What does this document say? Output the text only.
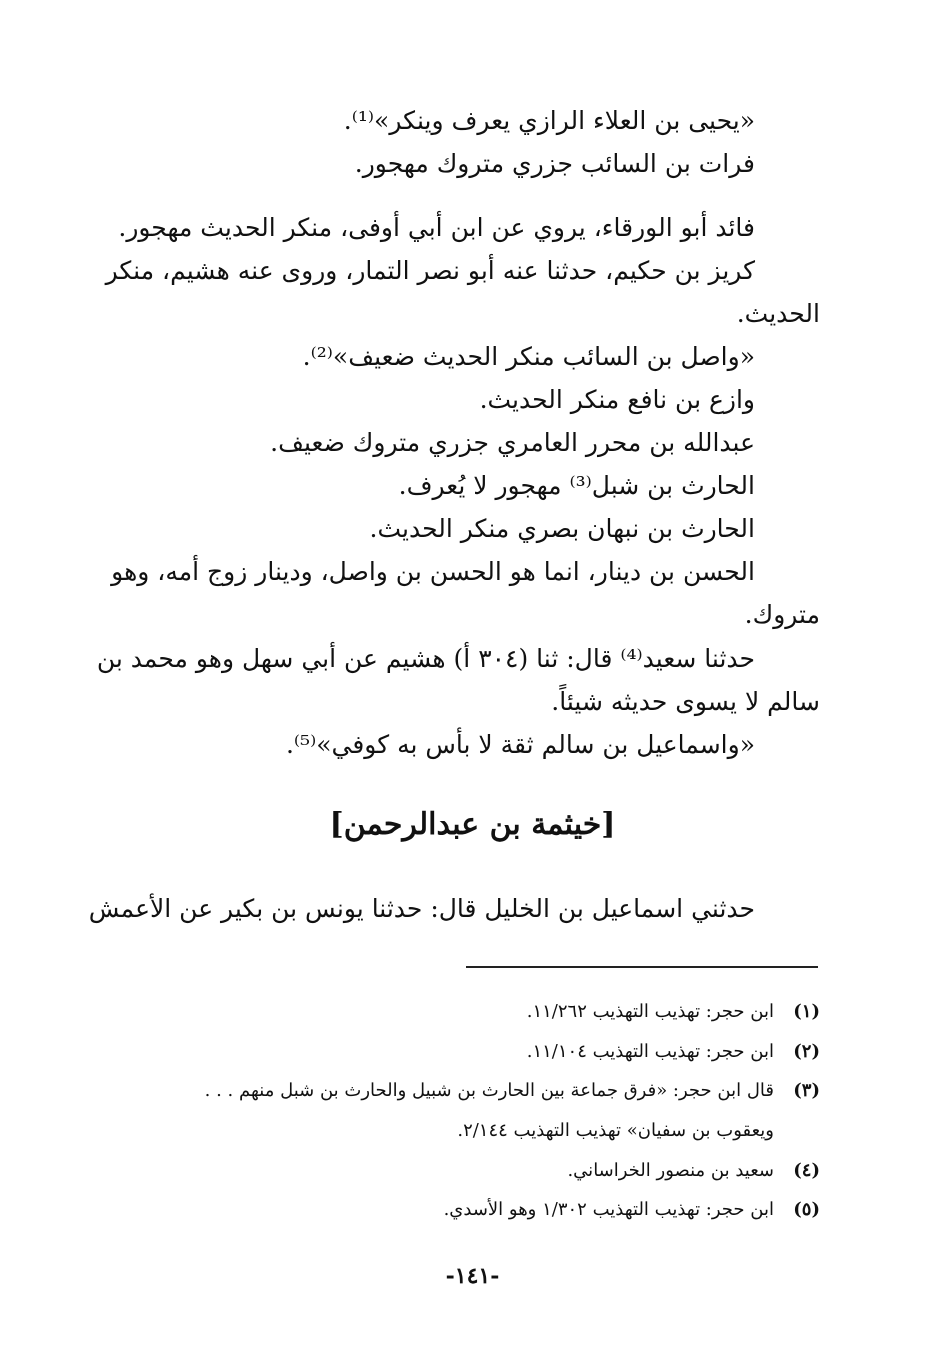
«يحيى بن العلاء الرازي يعرف وينكر»⁽¹⁾.
فرات بن السائب جزري متروك مهجور.
فائد أبو الورقاء، يروي عن ابن أبي أوفى، منكر الحديث مهجور.
كريز بن حكيم، حدثنا عنه أبو نصر التمار، وروى عنه هشيم، منكر
الحديث.
«واصل بن السائب منكر الحديث ضعيف»⁽²⁾.
وازع بن نافع منكر الحديث.
عبدالله بن محرر العامري جزري متروك ضعيف.
الحارث بن شبل⁽³⁾ مهجور لا يُعرف.
الحارث بن نبهان بصري منكر الحديث.
الحسن بن دينار، انما هو الحسن بن واصل، ودينار زوج أمه، وهو
متروك.
حدثنا سعيد⁽⁴⁾ قال: ثنا (٣٠٤ أ) هشيم عن أبي سهل وهو محمد بن
سالم لا يسوى حديثه شيئاً.
«واسماعيل بن سالم ثقة لا بأس به كوفي»⁽⁵⁾.
[خيثمة بن عبدالرحمن]
حدثني اسماعيل بن الخليل قال: حدثنا يونس بن بكير عن الأعمش
(١)ابن حجر: تهذيب التهذيب ١١/٢٦٢.
(٢)ابن حجر: تهذيب التهذيب ١١/١٠٤.
(٣)قال ابن حجر: «فرق جماعة بين الحارث بن شبيل والحارث بن شبل منهم . . .
ويعقوب بن سفيان» تهذيب التهذيب ٢/١٤٤.
(٤)سعيد بن منصور الخراساني.
(٥)ابن حجر: تهذيب التهذيب ١/٣٠٢ وهو الأسدي.
-١٤١-
